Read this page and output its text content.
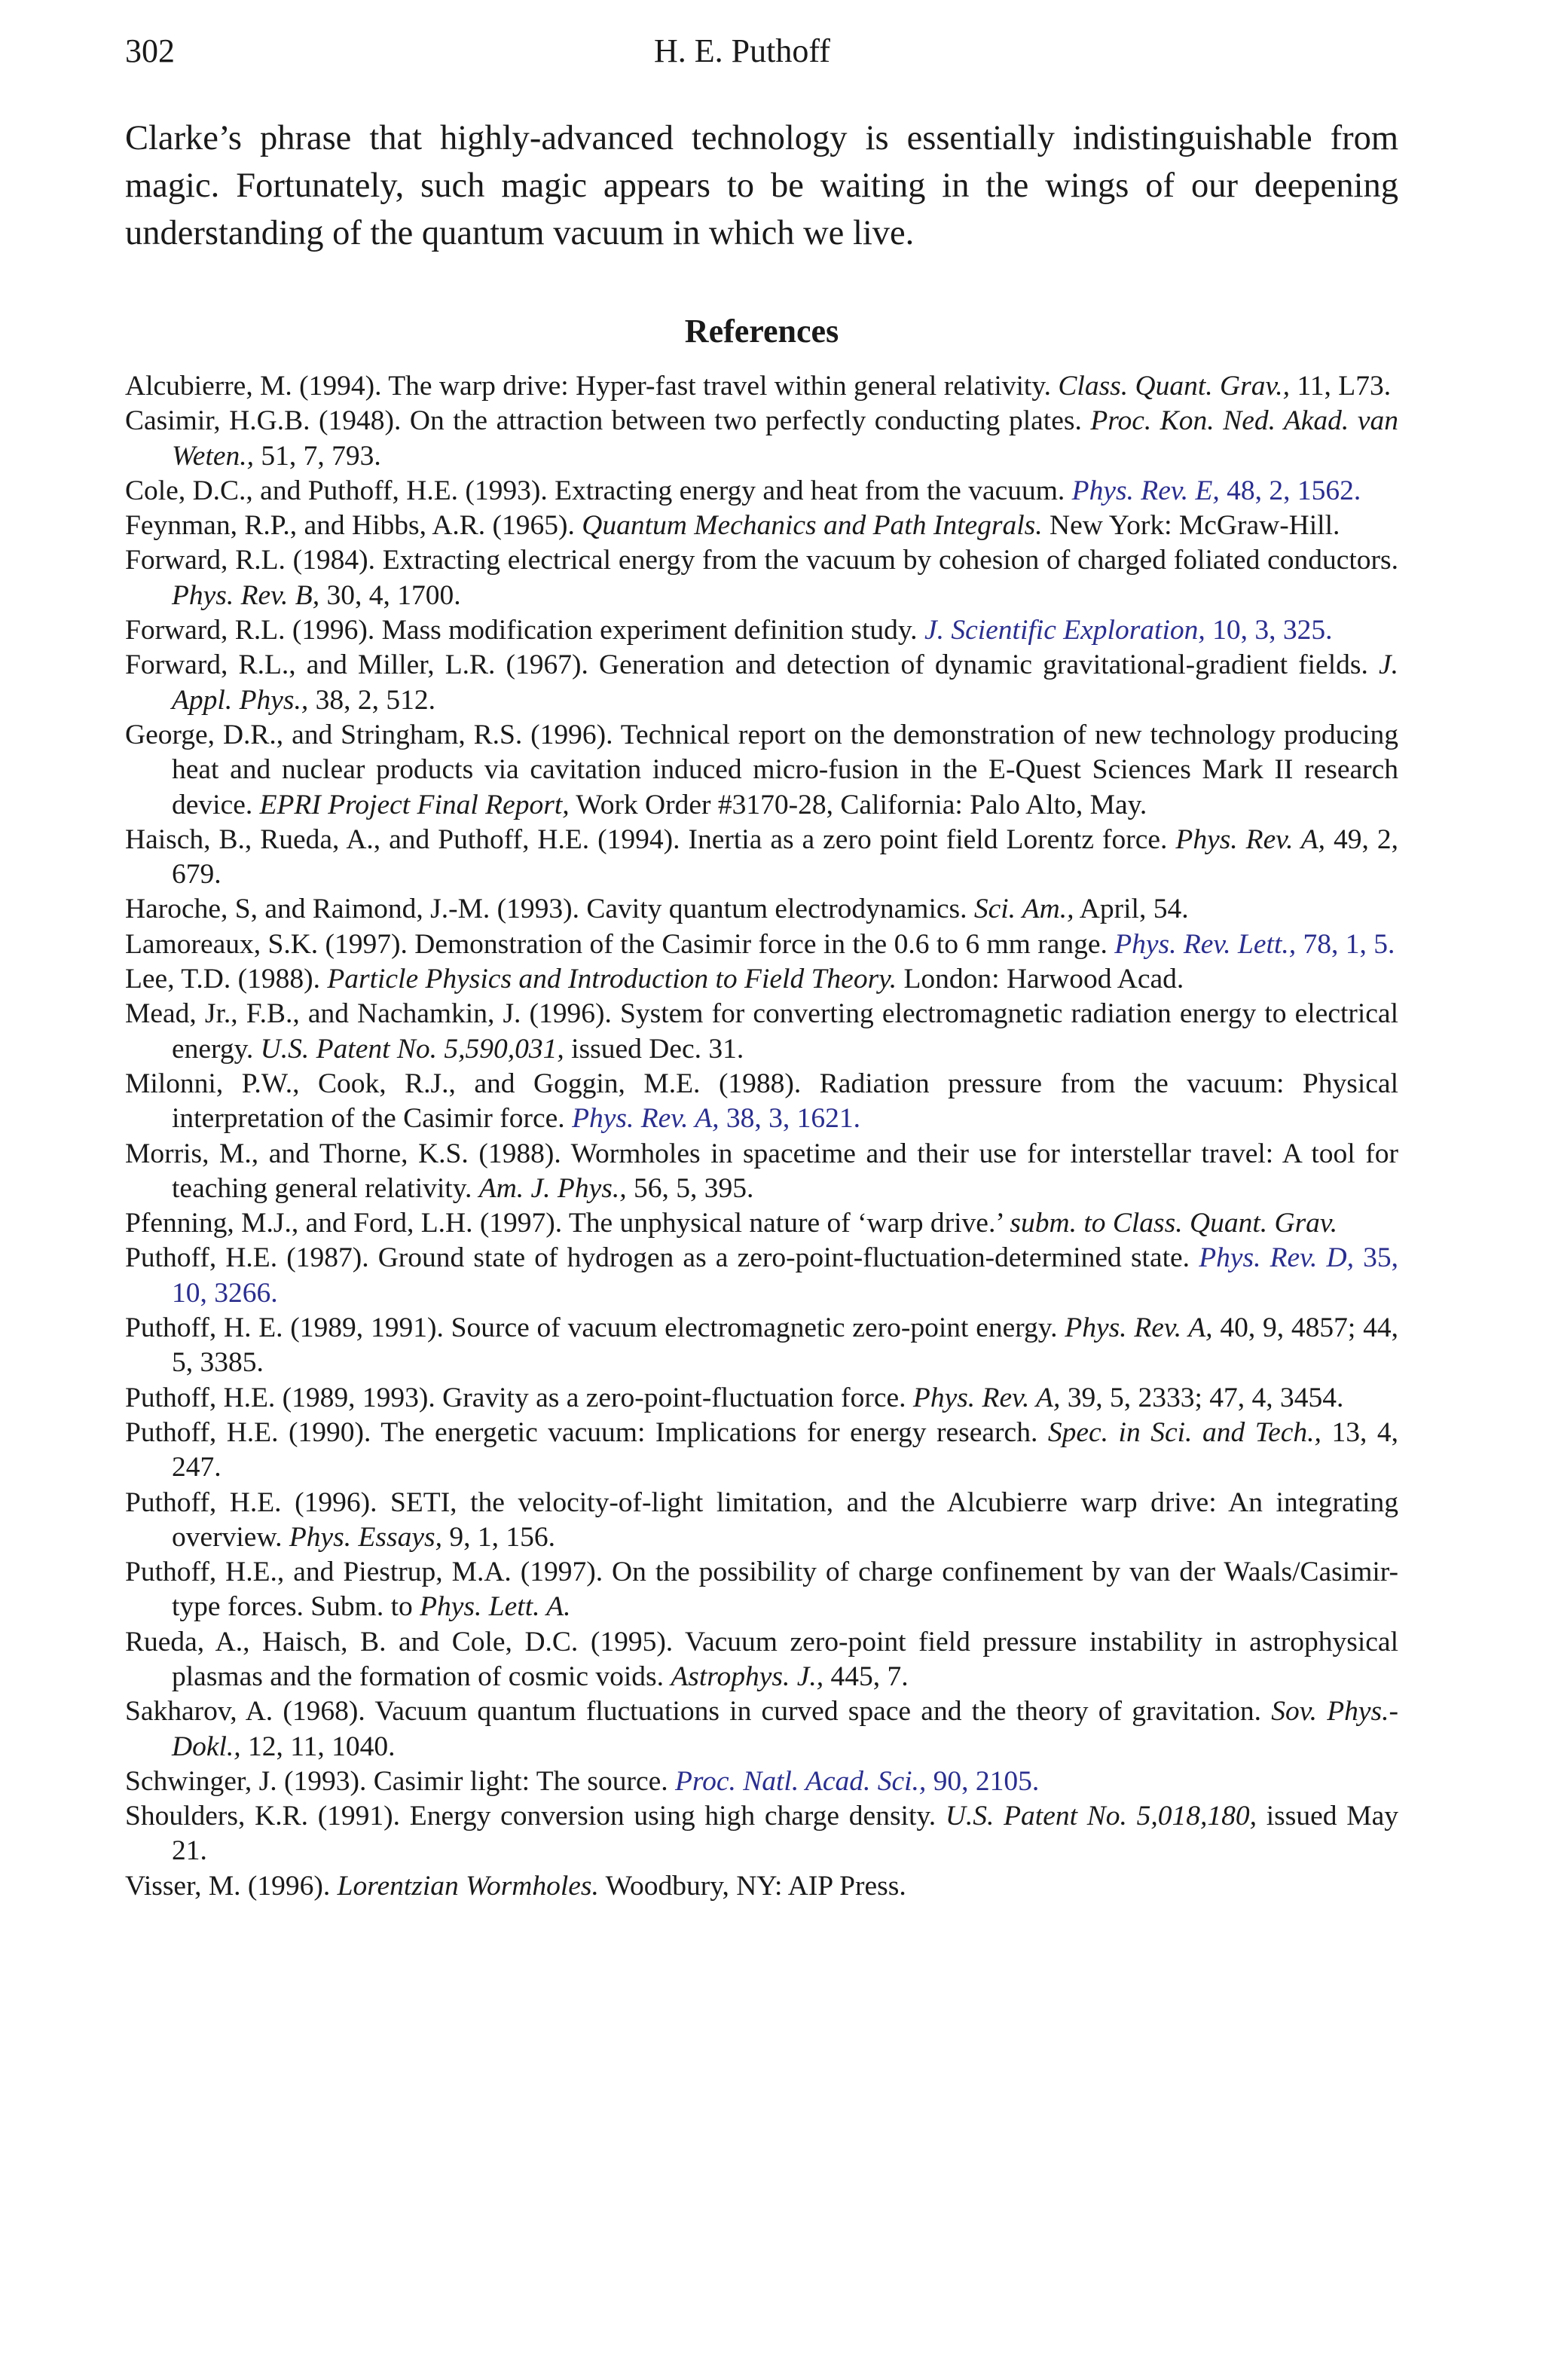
302	H. E. Puthoff

Clarke’s phrase that highly-advanced technology is essentially indistinguishable from magic. Fortunately, such magic appears to be waiting in the wings of our deepening understanding of the quantum vacuum in which we live.

References
Alcubierre, M. (1994). The warp drive: Hyper-fast travel within general relativity. Class. Quant. Grav., 11, L73.
Casimir, H.G.B. (1948). On the attraction between two perfectly conducting plates. Proc. Kon. Ned. Akad. van Weten., 51, 7, 793.
Cole, D.C., and Puthoff, H.E. (1993). Extracting energy and heat from the vacuum. Phys. Rev. E, 48, 2, 1562.
Feynman, R.P., and Hibbs, A.R. (1965). Quantum Mechanics and Path Integrals. New York: McGraw-Hill.
Forward, R.L. (1984). Extracting electrical energy from the vacuum by cohesion of charged foliated conductors. Phys. Rev. B, 30, 4, 1700.
Forward, R.L. (1996). Mass modification experiment definition study. J. Scientific Exploration, 10, 3, 325.
Forward, R.L., and Miller, L.R. (1967). Generation and detection of dynamic gravitational-gradient fields. J. Appl. Phys., 38, 2, 512.
George, D.R., and Stringham, R.S. (1996). Technical report on the demonstration of new technology producing heat and nuclear products via cavitation induced micro-fusion in the E-Quest Sciences Mark II research device. EPRI Project Final Report, Work Order #3170-28, California: Palo Alto, May.
Haisch, B., Rueda, A., and Puthoff, H.E. (1994). Inertia as a zero point field Lorentz force. Phys. Rev. A, 49, 2, 679.
Haroche, S, and Raimond, J.-M. (1993). Cavity quantum electrodynamics. Sci. Am., April, 54.
Lamoreaux, S.K. (1997). Demonstration of the Casimir force in the 0.6 to 6 mm range. Phys. Rev. Lett., 78, 1, 5.
Lee, T.D. (1988). Particle Physics and Introduction to Field Theory. London: Harwood Acad.
Mead, Jr., F.B., and Nachamkin, J. (1996). System for converting electromagnetic radiation energy to electrical energy. U.S. Patent No. 5,590,031, issued Dec. 31.
Milonni, P.W., Cook, R.J., and Goggin, M.E. (1988). Radiation pressure from the vacuum: Physical interpretation of the Casimir force. Phys. Rev. A, 38, 3, 1621.
Morris, M., and Thorne, K.S. (1988). Wormholes in spacetime and their use for interstellar travel: A tool for teaching general relativity. Am. J. Phys., 56, 5, 395.
Pfenning, M.J., and Ford, L.H. (1997). The unphysical nature of ‘warp drive.’ subm. to Class. Quant. Grav.
Puthoff, H.E. (1987). Ground state of hydrogen as a zero-point-fluctuation-determined state. Phys. Rev. D, 35, 10, 3266.
Puthoff, H. E. (1989, 1991). Source of vacuum electromagnetic zero-point energy. Phys. Rev. A, 40, 9, 4857; 44, 5, 3385.
Puthoff, H.E. (1989, 1993). Gravity as a zero-point-fluctuation force. Phys. Rev. A, 39, 5, 2333; 47, 4, 3454.
Puthoff, H.E. (1990). The energetic vacuum: Implications for energy research. Spec. in Sci. and Tech., 13, 4, 247.
Puthoff, H.E. (1996). SETI, the velocity-of-light limitation, and the Alcubierre warp drive: An integrating overview. Phys. Essays, 9, 1, 156.
Puthoff, H.E., and Piestrup, M.A. (1997). On the possibility of charge confinement by van der Waals/Casimir-type forces. Subm. to Phys. Lett. A.
Rueda, A., Haisch, B. and Cole, D.C. (1995). Vacuum zero-point field pressure instability in astrophysical plasmas and the formation of cosmic voids. Astrophys. J., 445, 7.
Sakharov, A. (1968). Vacuum quantum fluctuations in curved space and the theory of gravitation. Sov. Phys.-Dokl., 12, 11, 1040.
Schwinger, J. (1993). Casimir light: The source. Proc. Natl. Acad. Sci., 90, 2105.
Shoulders, K.R. (1991). Energy conversion using high charge density. U.S. Patent No. 5,018,180, issued May 21.
Visser, M. (1996). Lorentzian Wormholes. Woodbury, NY: AIP Press.
